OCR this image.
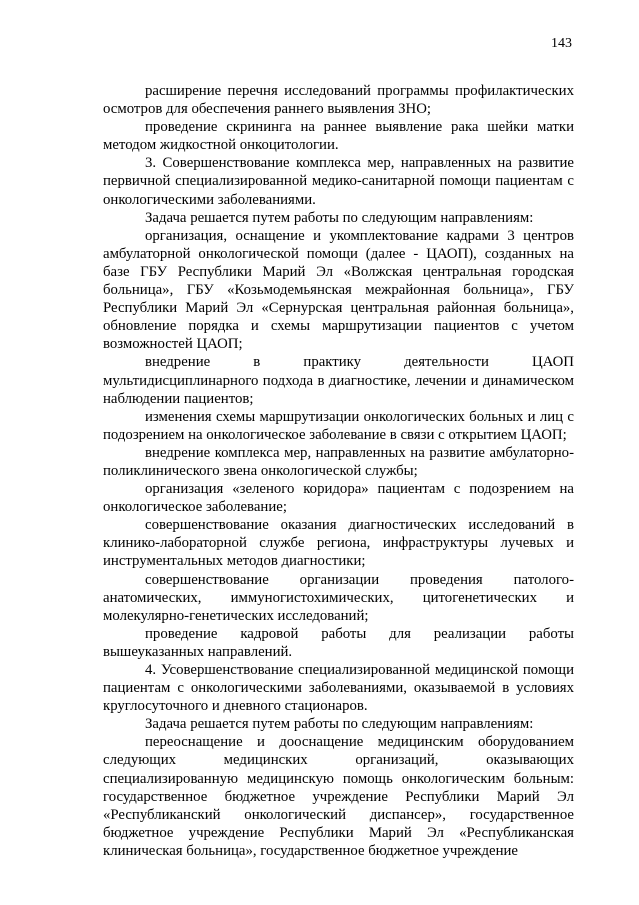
143

расширение перечня исследований программы профилактических осмотров для обеспечения раннего выявления ЗНО;

проведение скрининга на раннее выявление рака шейки матки методом жидкостной онкоцитологии.

3. Совершенствование комплекса мер, направленных на развитие первичной специализированной медико-санитарной помощи пациентам с онкологическими заболеваниями.

Задача решается путем работы по следующим направлениям:

организация, оснащение и укомплектование кадрами 3 центров амбулаторной онкологической помощи (далее - ЦАОП), созданных на базе ГБУ Республики Марий Эл «Волжская центральная городская больница», ГБУ «Козьмодемьянская межрайонная больница», ГБУ Республики Марий Эл «Сернурская центральная районная больница», обновление порядка и схемы маршрутизации пациентов с учетом возможностей ЦАОП;

внедрение в практику деятельности ЦАОП мультидисциплинарного подхода в диагностике, лечении и динамическом наблюдении пациентов;

изменения схемы маршрутизации онкологических больных и лиц с подозрением на онкологическое заболевание в связи с открытием ЦАОП;

внедрение комплекса мер, направленных на развитие амбулаторно-поликлинического звена онкологической службы;

организация «зеленого коридора» пациентам с подозрением на онкологическое заболевание;

совершенствование оказания диагностических исследований в клинико-лабораторной службе региона, инфраструктуры лучевых и инструментальных методов диагностики;

совершенствование организации проведения патолого-анатомических, иммуногистохимических, цитогенетических и молекулярно-генетических исследований;

проведение кадровой работы для реализации работы вышеуказанных направлений.

4. Усовершенствование специализированной медицинской помощи пациентам с онкологическими заболеваниями, оказываемой в условиях круглосуточного и дневного стационаров.

Задача решается путем работы по следующим направлениям:

переоснащение и дооснащение медицинским оборудованием следующих медицинских организаций, оказывающих специализированную медицинскую помощь онкологическим больным: государственное бюджетное учреждение Республики Марий Эл «Республиканский онкологический диспансер», государственное бюджетное учреждение Республики Марий Эл «Республиканская клиническая больница», государственное бюджетное учреждение
